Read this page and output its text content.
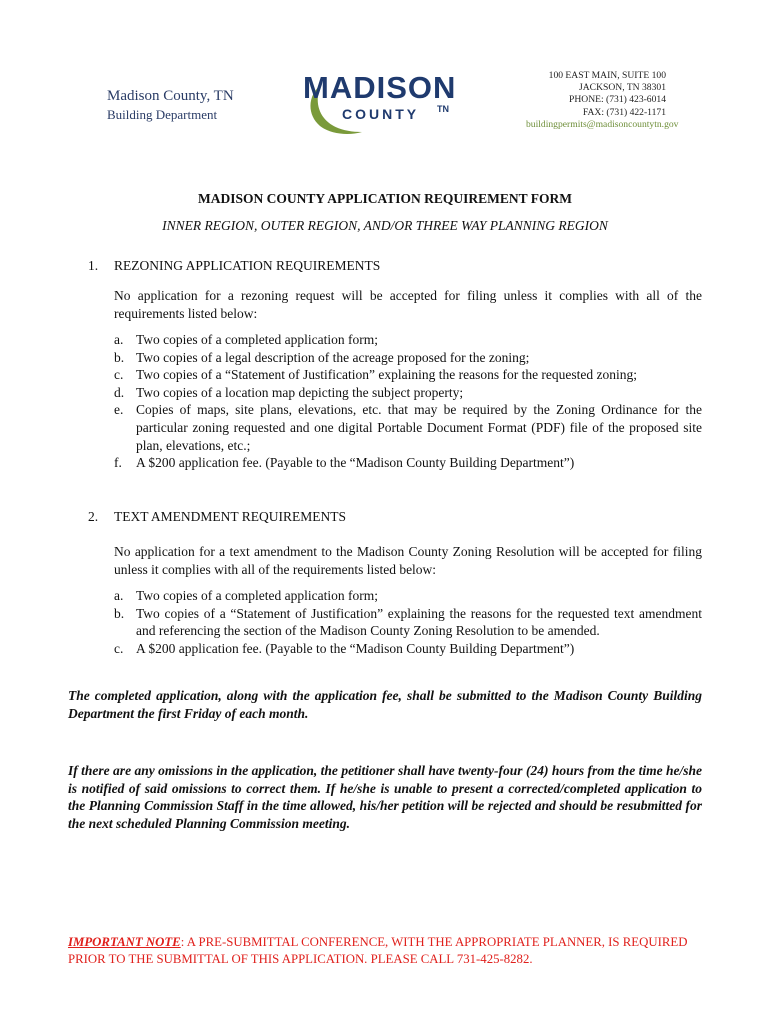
Madison County, TN
Building Department
MADISON
COUNTY TN
100 EAST MAIN, SUITE 100
JACKSON, TN 38301
PHONE: (731) 423-6014
FAX: (731) 422-1171
buildingpermits@madisoncountytn.gov
MADISON COUNTY APPLICATION REQUIREMENT FORM
INNER REGION, OUTER REGION, AND/OR THREE WAY PLANNING REGION
1. REZONING APPLICATION REQUIREMENTS
No application for a rezoning request will be accepted for filing unless it complies with all of the requirements listed below:
a. Two copies of a completed application form;
b. Two copies of a legal description of the acreage proposed for the zoning;
c. Two copies of a “Statement of Justification” explaining the reasons for the requested zoning;
d. Two copies of a location map depicting the subject property;
e. Copies of maps, site plans, elevations, etc. that may be required by the Zoning Ordinance for the particular zoning requested and one digital Portable Document Format (PDF) file of the proposed site plan, elevations, etc.;
f. A $200 application fee. (Payable to the “Madison County Building Department”)
2. TEXT AMENDMENT REQUIREMENTS
No application for a text amendment to the Madison County Zoning Resolution will be accepted for filing unless it complies with all of the requirements listed below:
a. Two copies of a completed application form;
b. Two copies of a “Statement of Justification” explaining the reasons for the requested text amendment and referencing the section of the Madison County Zoning Resolution to be amended.
c. A $200 application fee. (Payable to the “Madison County Building Department”)
The completed application, along with the application fee, shall be submitted to the Madison County Building Department the first Friday of each month.
If there are any omissions in the application, the petitioner shall have twenty-four (24) hours from the time he/she is notified of said omissions to correct them. If he/she is unable to present a corrected/completed application to the Planning Commission Staff in the time allowed, his/her petition will be rejected and should be resubmitted for the next scheduled Planning Commission meeting.
IMPORTANT NOTE: A PRE-SUBMITTAL CONFERENCE, WITH THE APPROPRIATE PLANNER, IS REQUIRED PRIOR TO THE SUBMITTAL OF THIS APPLICATION. PLEASE CALL 731-425-8282.
